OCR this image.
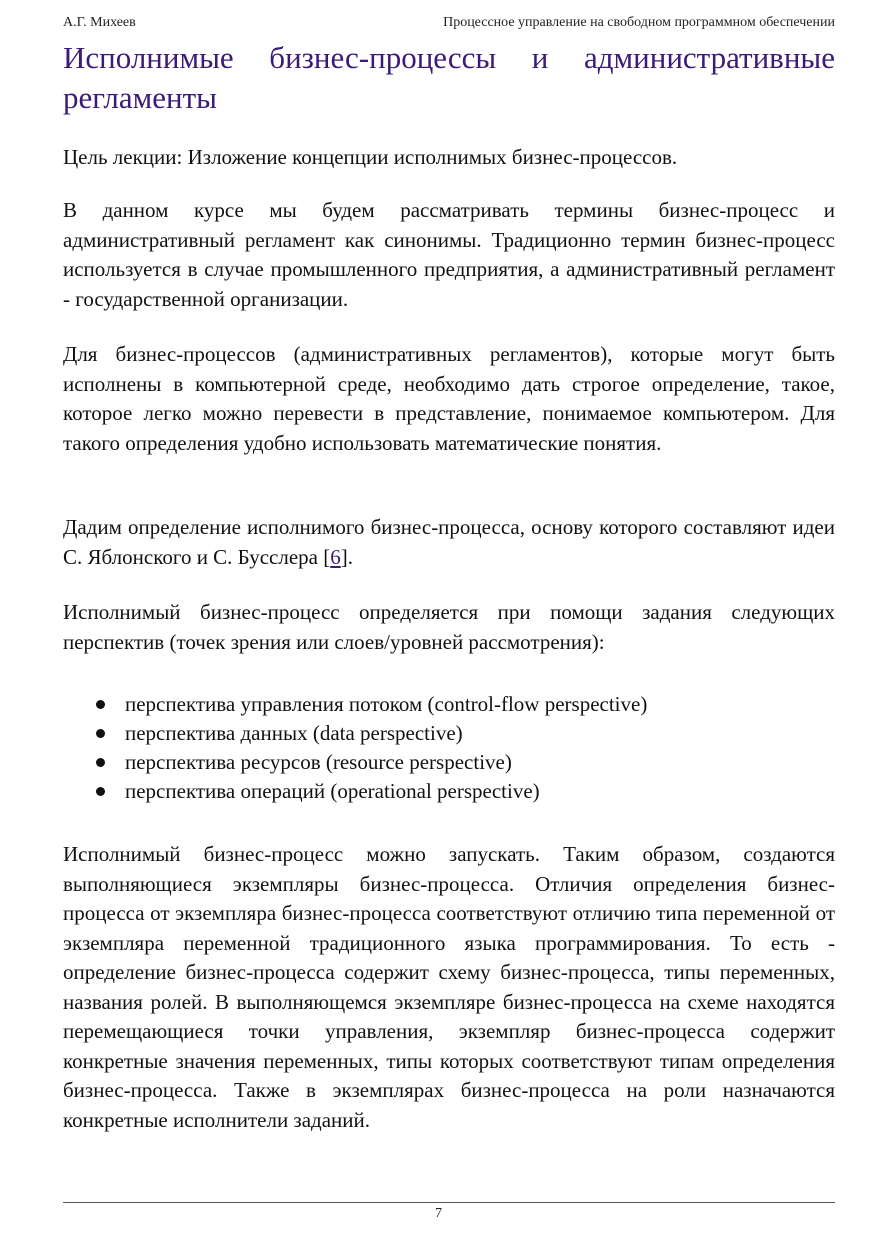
А.Г. Михеев	Процессное управление на свободном программном обеспечении
Исполнимые бизнес-процессы и административные регламенты

Цель лекции: Изложение концепции исполнимых бизнес-процессов.

В данном курсе мы будем рассматривать термины бизнес-процесс и административный регламент как синонимы. Традиционно термин бизнес-процесс используется в случае промышленного предприятия, а административный регламент - государственной организации.

Для бизнес-процессов (административных регламентов), которые могут быть исполнены в компьютерной среде, необходимо дать строгое определение, такое, которое легко можно перевести в представление, понимаемое компьютером. Для такого определения удобно использовать математические понятия.

Дадим определение исполнимого бизнес-процесса, основу которого составляют идеи С. Яблонского и С. Бусслера [6].

Исполнимый бизнес-процесс определяется при помощи задания следующих перспектив (точек зрения или слоев/уровней рассмотрения):

перспектива управления потоком (control-flow perspective)
перспектива данных (data perspective)
перспектива ресурсов (resource perspective)
перспектива операций (operational perspective)

Исполнимый бизнес-процесс можно запускать. Таким образом, создаются выполняющиеся экземпляры бизнес-процесса. Отличия определения бизнес-процесса от экземпляра бизнес-процесса соответствуют отличию типа переменной от экземпляра переменной традиционного языка программирования. То есть - определение бизнес-процесса содержит схему бизнес-процесса, типы переменных, названия ролей. В выполняющемся экземпляре бизнес-процесса на схеме находятся перемещающиеся точки управления, экземпляр бизнес-процесса содержит конкретные значения переменных, типы которых соответствуют типам определения бизнес-процесса. Также в экземплярах бизнес-процесса на роли назначаются конкретные исполнители заданий.

7
